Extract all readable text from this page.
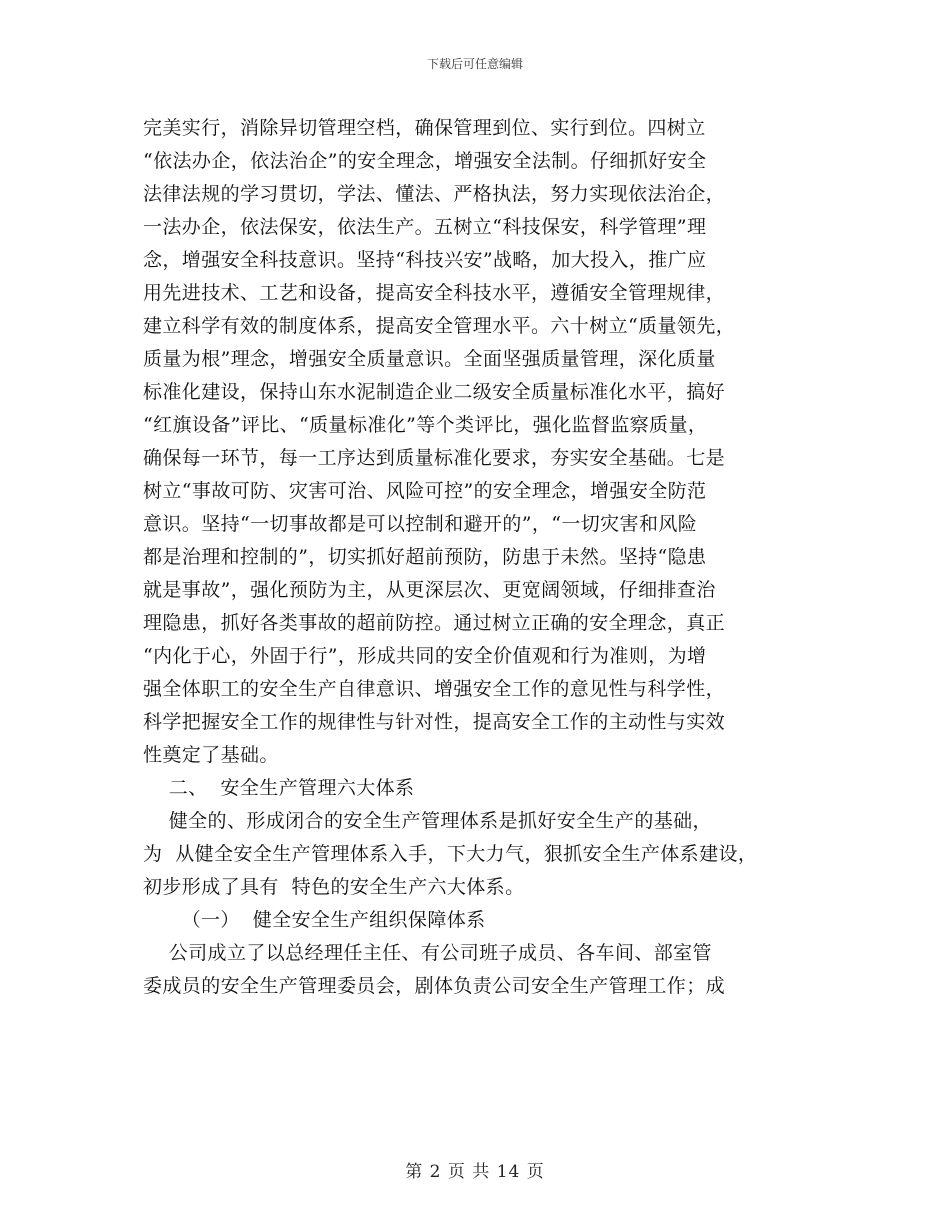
下载后可任意编辑
完美实行，消除异切管理空档，确保管理到位、实行到位。四树立
“依法办企，依法治企”的安全理念，增强安全法制。仔细抓好安全
法律法规的学习贯切，学法、懂法、严格执法，努力实现依法治企，
一法办企，依法保安，依法生产。五树立“科技保安，科学管理”理
念，增强安全科技意识。坚持“科技兴安”战略，加大投入，推广应
用先进技术、工艺和设备，提高安全科技水平，遵循安全管理规律，
建立科学有效的制度体系，提高安全管理水平。六十树立“质量领先，
质量为根”理念，增强安全质量意识。全面坚强质量管理，深化质量
标准化建设，保持山东水泥制造企业二级安全质量标准化水平，搞好
“红旗设备”评比、“质量标准化”等个类评比，强化监督监察质量，
确保每一环节，每一工序达到质量标准化要求，夯实安全基础。七是
树立“事故可防、灾害可治、风险可控”的安全理念，增强安全防范
意识。坚持“一切事故都是可以控制和避开的”，“一切灾害和风险
都是治理和控制的”，切实抓好超前预防，防患于未然。坚持“隐患
就是事故”，强化预防为主，从更深层次、更宽阔领域，仔细排查治
理隐患，抓好各类事故的超前防控。通过树立正确的安全理念，真正
“内化于心，外固于行”，形成共同的安全价值观和行为准则，为增
强全体职工的安全生产自律意识、增强安全工作的意见性与科学性，
科学把握安全工作的规律性与针对性，提高安全工作的主动性与实效
性奠定了基础。
二、  安全生产管理六大体系
健全的、形成闭合的安全生产管理体系是抓好安全生产的基础，
为  从健全安全生产管理体系入手，下大力气，狠抓安全生产体系建设，
初步形成了具有  特色的安全生产六大体系。
（一）  健全安全生产组织保障体系
公司成立了以总经理任主任、有公司班子成员、各车间、部室管
委成员的安全生产管理委员会，剧体负责公司安全生产管理工作；成
第 2 页 共 14 页
